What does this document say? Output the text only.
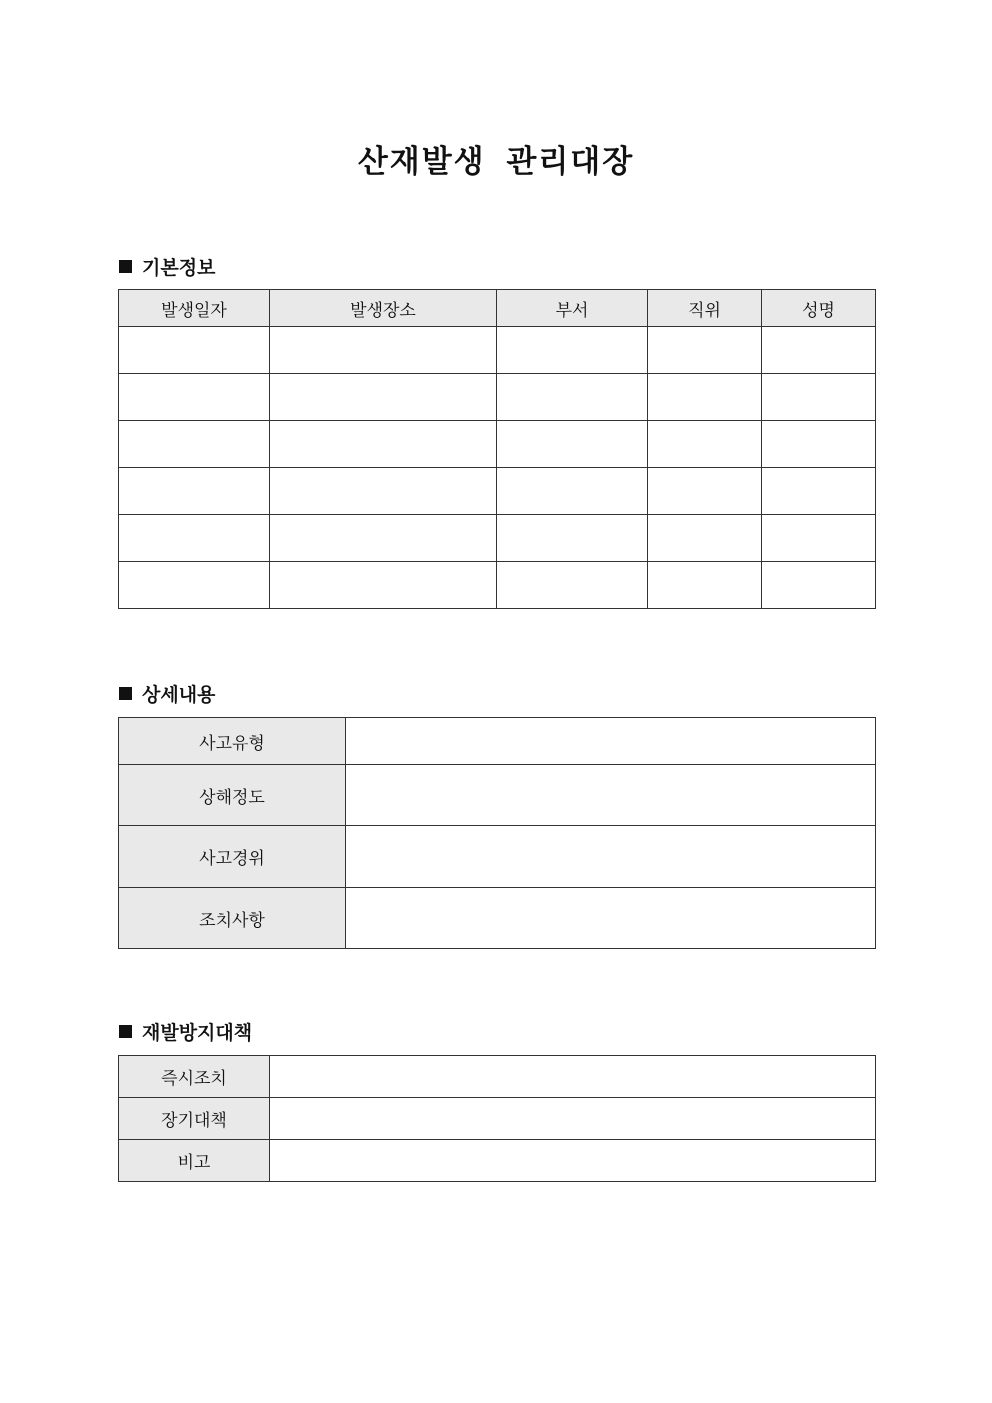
산재발생 관리대장
기본정보
발생일자	발생장소	부서	직위	성명

상세내용
사고유형	
상해정도	
사고경위	
조치사항	
재발방지대책
즉시조치	
장기대책	
비고	
